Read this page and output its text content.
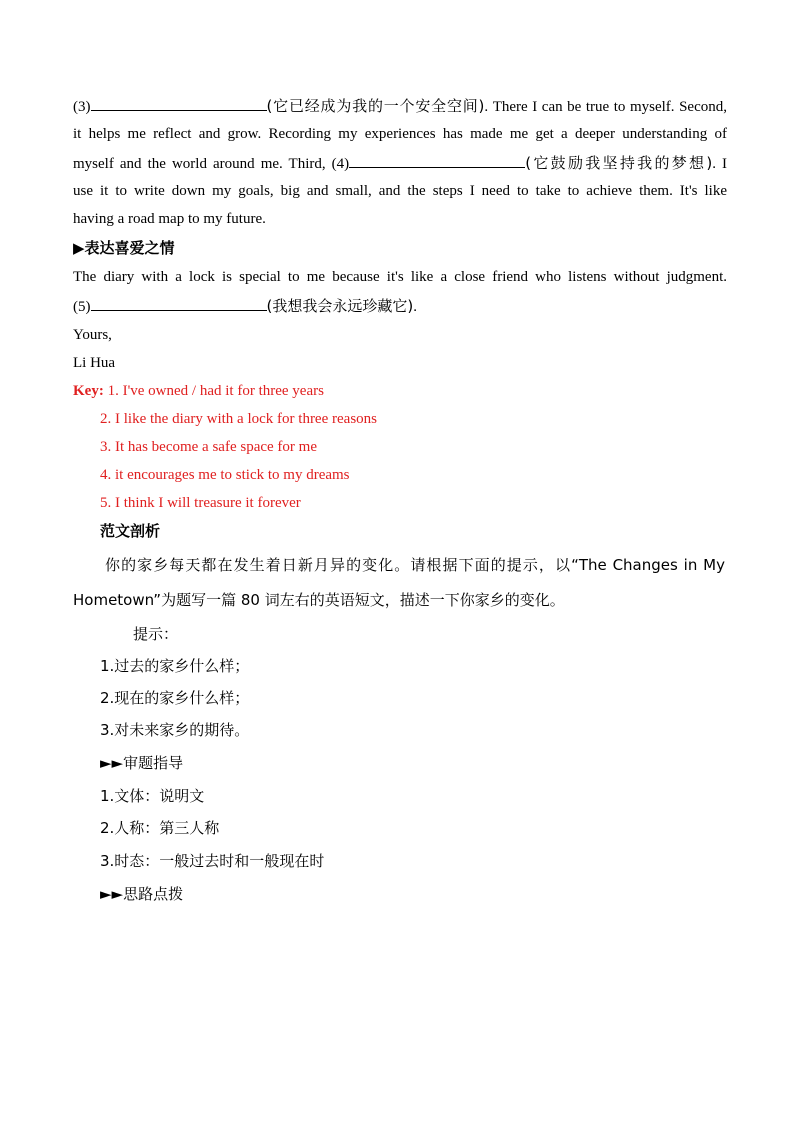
(3)	(它已经成为我的一个安全空间). There I can be true to myself. Second,
it helps me reflect and grow. Recording my experiences has made me get a deeper understanding of
myself and the world around me. Third, (4)	(它鼓励我坚持我的梦想). I
use it to write down my goals, big and small, and the steps I need to take to achieve them. It's like
having a road map to my future.
▶表达喜爱之情
The diary with a lock is special to me because it's like a close friend who listens without judgment.
(5)	(我想我会永远珍藏它).
Yours,
Li Hua
Key: 1. I've owned / had it for three years
2. I like the diary with a lock for three reasons
3. It has become a safe space for me
4. it encourages me to stick to my dreams
5. I think I will treasure it forever
范文剖析
你的家乡每天都在发生着日新月异的变化。请根据下面的提示，以“The Changes in My
Hometown”为题写一篇 80 词左右的英语短文，描述一下你家乡的变化。
提示：
1.过去的家乡什么样；
2.现在的家乡什么样；
3.对未来家乡的期待。
►►审题指导
1.文体：说明文
2.人称：第三人称
3.时态：一般过去时和一般现在时
►►思路点拨
